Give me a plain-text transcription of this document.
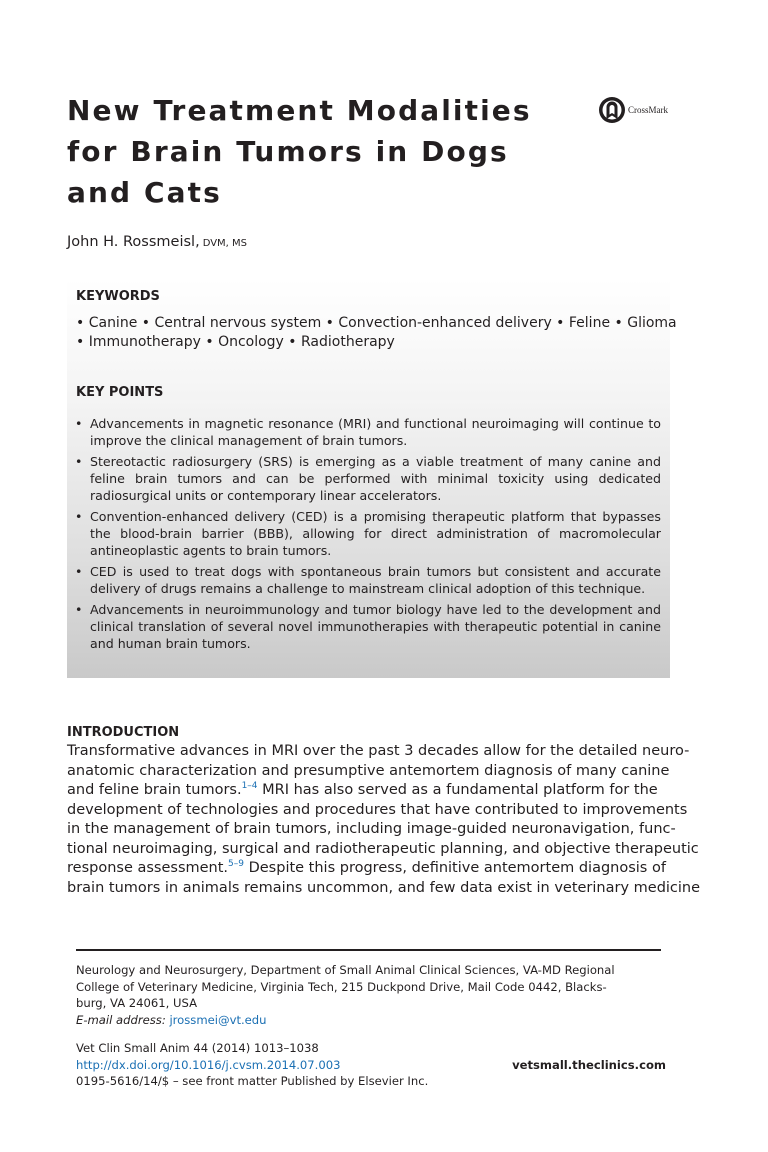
New Treatment Modalities
for Brain Tumors in Dogs
and Cats
CrossMark
John H. Rossmeisl, DVM, MS
KEYWORDS
• Canine • Central nervous system • Convection-enhanced delivery • Feline • Glioma
• Immunotherapy • Oncology • Radiotherapy
KEY POINTS
• Advancements in magnetic resonance (MRI) and functional neuroimaging will continue to improve the clinical management of brain tumors.
• Stereotactic radiosurgery (SRS) is emerging as a viable treatment of many canine and feline brain tumors and can be performed with minimal toxicity using dedicated radiosurgical units or contemporary linear accelerators.
• Convention-enhanced delivery (CED) is a promising therapeutic platform that bypasses the blood-brain barrier (BBB), allowing for direct administration of macromolecular antineoplastic agents to brain tumors.
• CED is used to treat dogs with spontaneous brain tumors but consistent and accurate delivery of drugs remains a challenge to mainstream clinical adoption of this technique.
• Advancements in neuroimmunology and tumor biology have led to the development and clinical translation of several novel immunotherapies with therapeutic potential in canine and human brain tumors.
INTRODUCTION
Transformative advances in MRI over the past 3 decades allow for the detailed neuro-
anatomic characterization and presumptive antemortem diagnosis of many canine
and feline brain tumors.$^{1-4}$ MRI has also served as a fundamental platform for the
development of technologies and procedures that have contributed to improvements
in the management of brain tumors, including image-guided neuronavigation, func-
tional neuroimaging, surgical and radiotherapeutic planning, and objective therapeutic
response assessment.$^{5-9}$ Despite this progress, definitive antemortem diagnosis of
brain tumors in animals remains uncommon, and few data exist in veterinary medicine
Neurology and Neurosurgery, Department of Small Animal Clinical Sciences, VA-MD Regional
College of Veterinary Medicine, Virginia Tech, 215 Duckpond Drive, Mail Code 0442, Blacks-
burg, VA 24061, USA
E-mail address: jrossmei@vt.edu
Vet Clin Small Anim 44 (2014) 1013–1038
http://dx.doi.org/10.1016/j.cvsm.2014.07.003
0195-5616/14/$ – see front matter Published by Elsevier Inc.
vetsmall.theclinics.com
